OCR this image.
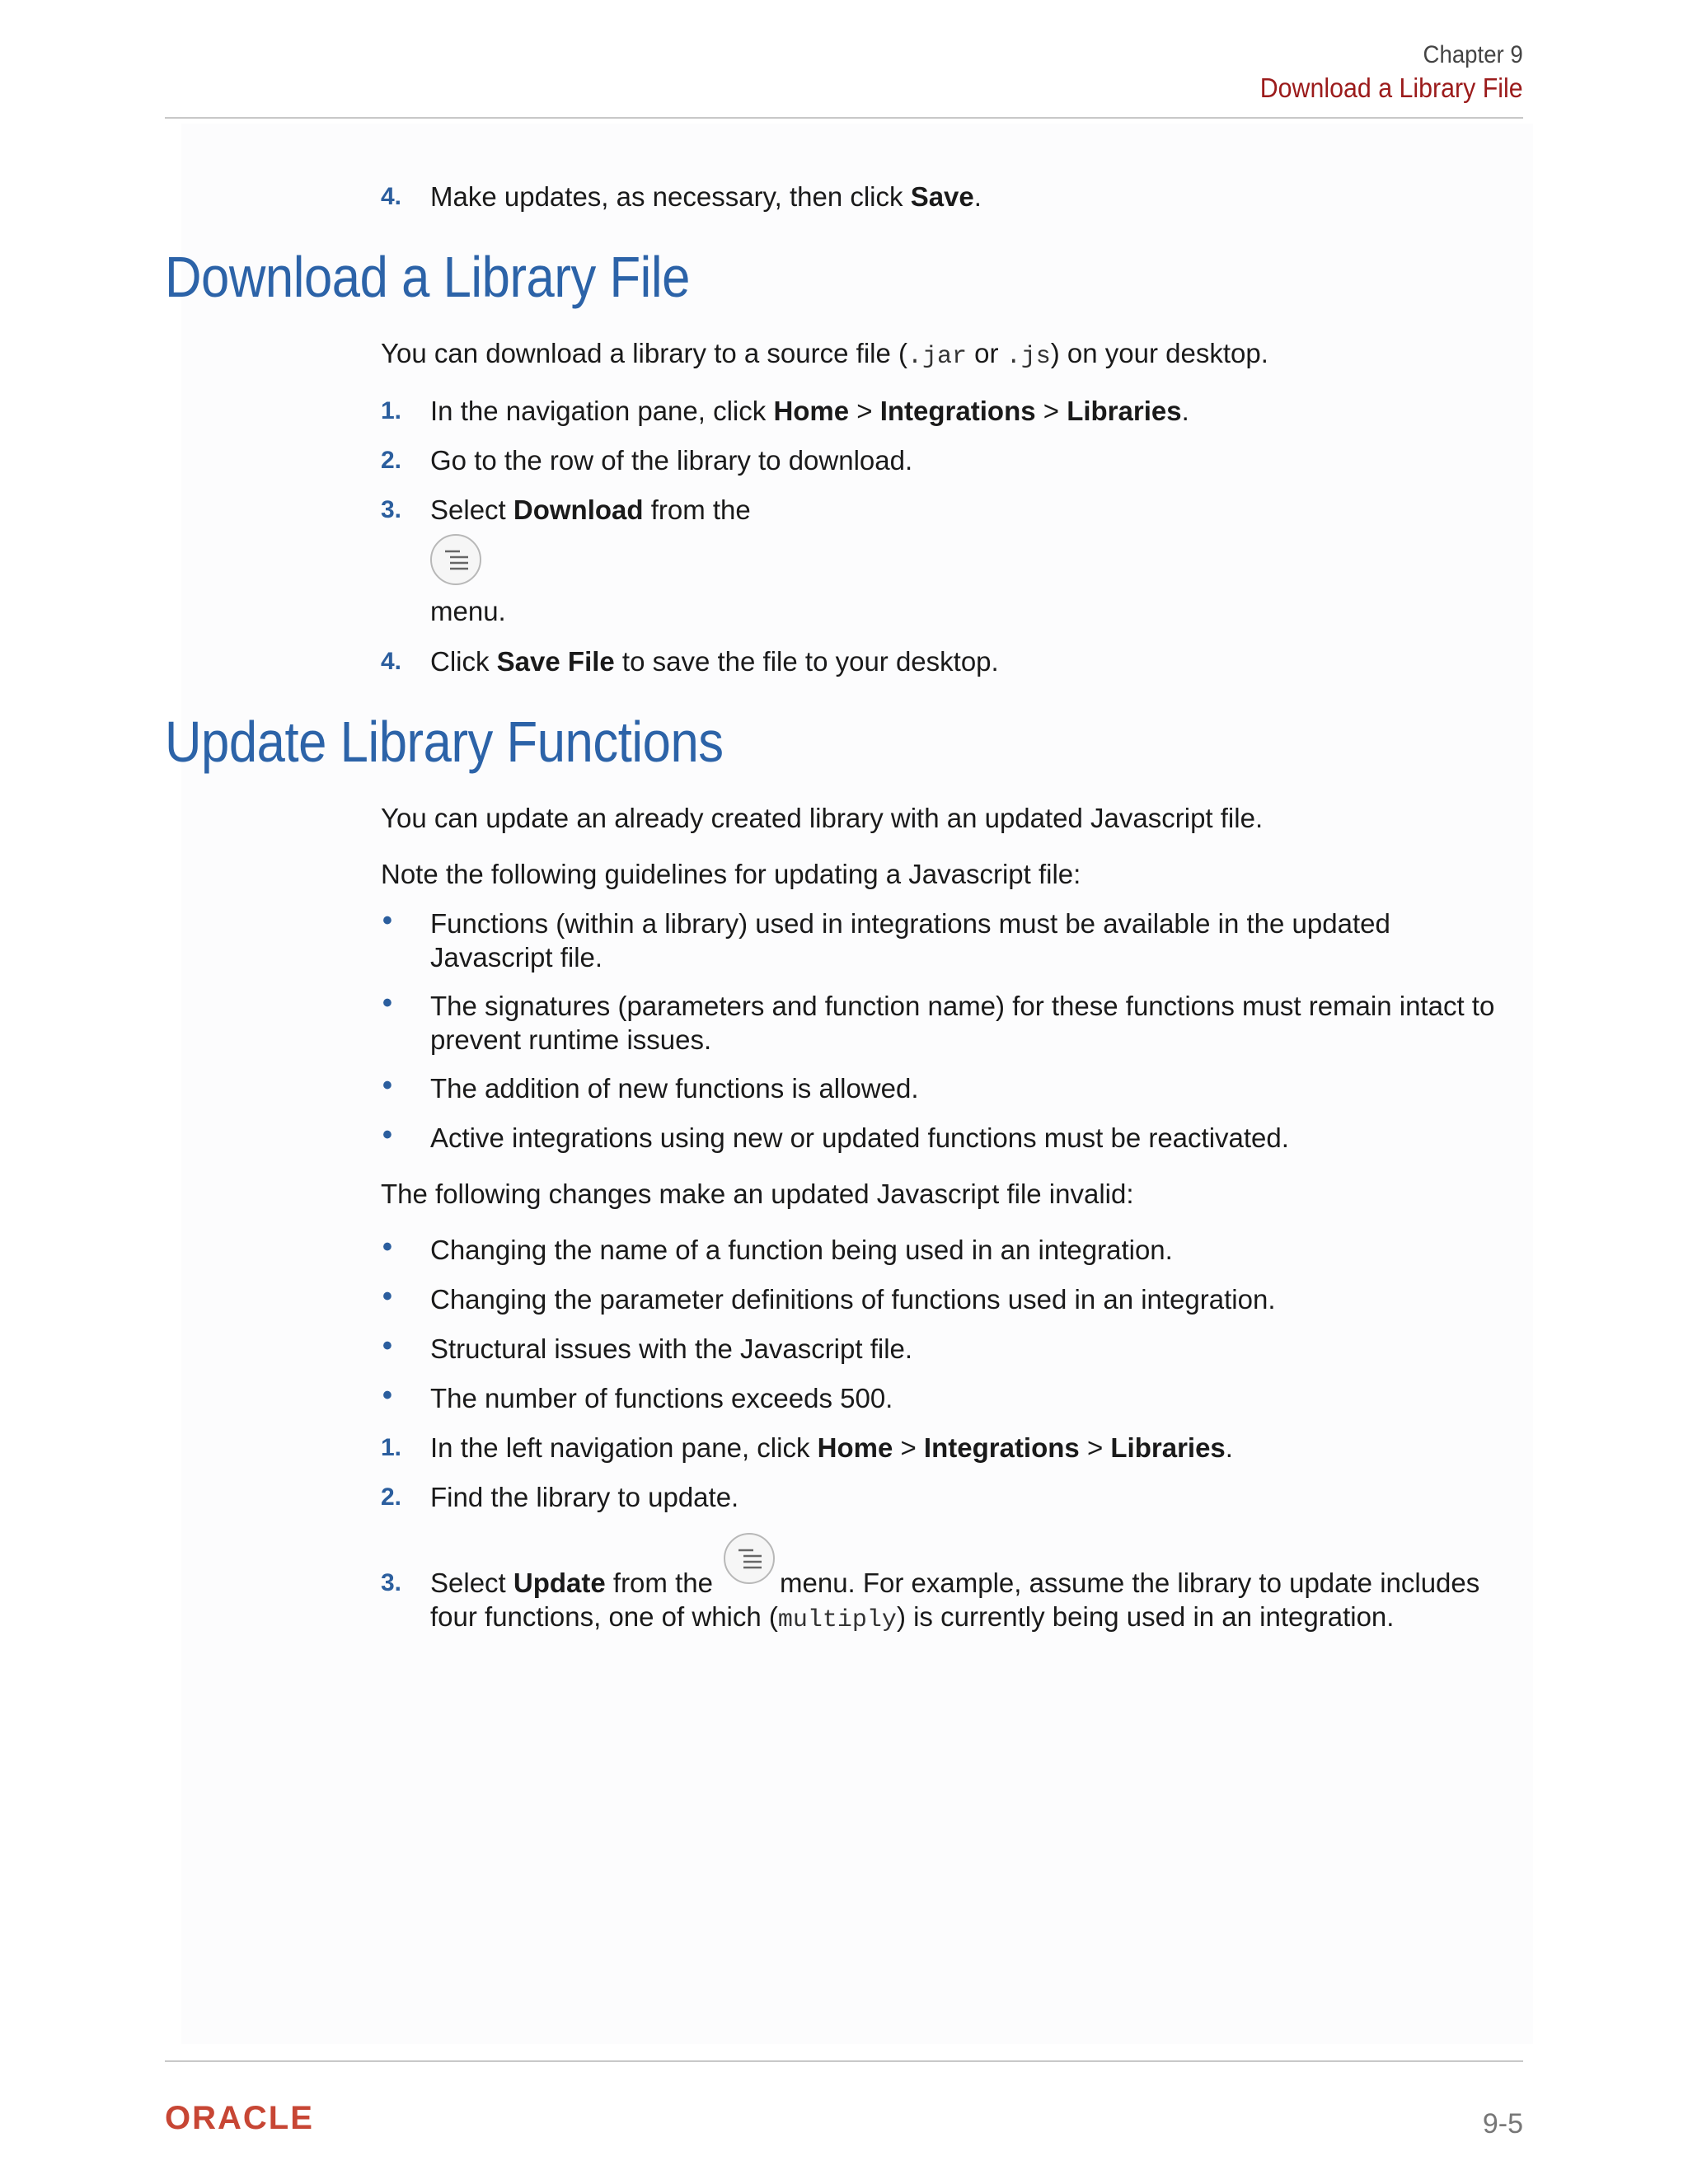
Chapter 9
Download a Library File
4. Make updates, as necessary, then click Save.
Download a Library File
You can download a library to a source file (.jar or .js) on your desktop.
1. In the navigation pane, click Home > Integrations > Libraries.
2. Go to the row of the library to download.
3. Select Download from the
menu.
4. Click Save File to save the file to your desktop.
Update Library Functions
You can update an already created library with an updated Javascript file.
Note the following guidelines for updating a Javascript file:
• Functions (within a library) used in integrations must be available in the updated Javascript file.
• The signatures (parameters and function name) for these functions must remain intact to prevent runtime issues.
• The addition of new functions is allowed.
• Active integrations using new or updated functions must be reactivated.
The following changes make an updated Javascript file invalid:
• Changing the name of a function being used in an integration.
• Changing the parameter definitions of functions used in an integration.
• Structural issues with the Javascript file.
• The number of functions exceeds 500.
1. In the left navigation pane, click Home > Integrations > Libraries.
2. Find the library to update.
3. Select Update from the	menu. For example, assume the library to update includes
four functions, one of which (multiply) is currently being used in an integration.
ORACLE	9-5
